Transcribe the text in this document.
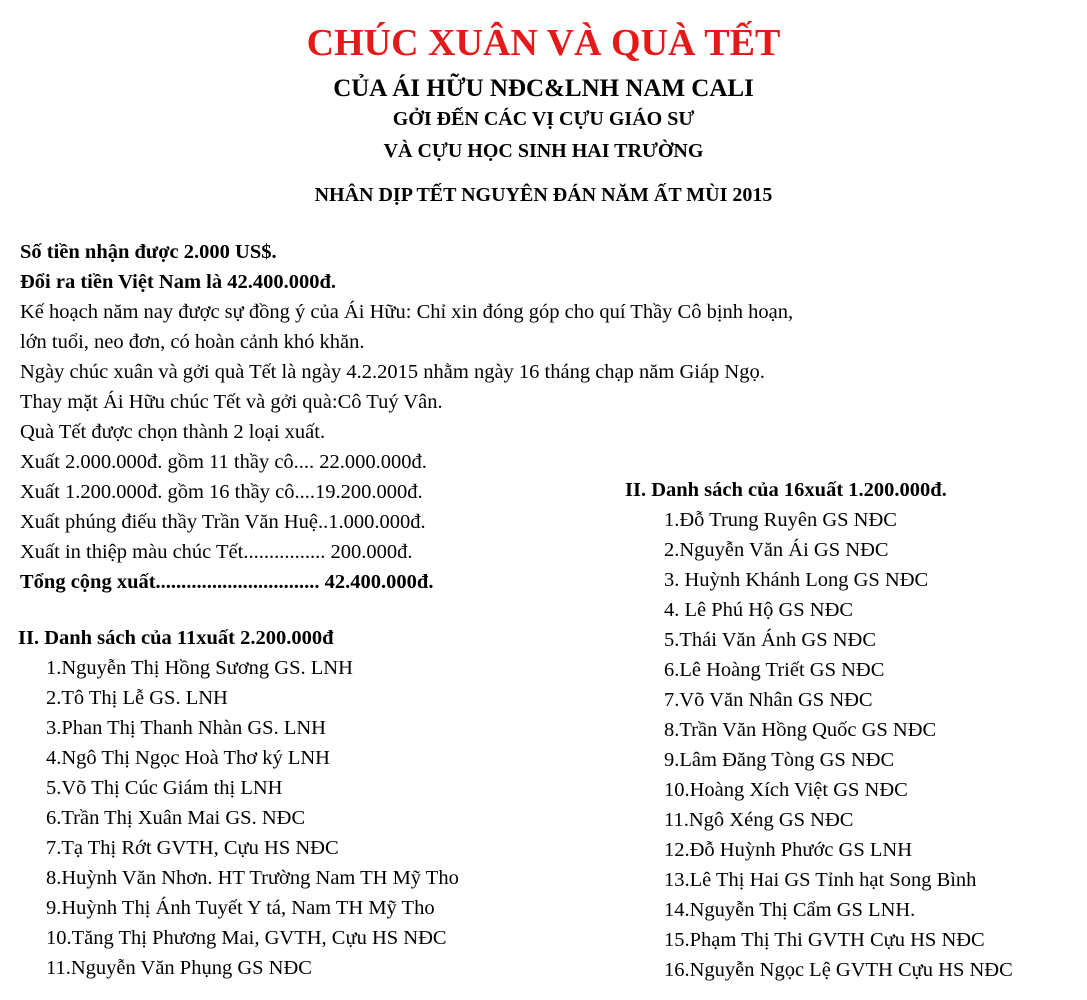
CHÚC XUÂN VÀ QUÀ TẾT
CỦA ÁI HỮU NĐC&LNH NAM CALI
GỞI ĐẾN CÁC VỊ CỰU GIÁO SƯ
VÀ CỰU HỌC SINH HAI TRƯỜNG
NHÂN DỊP TẾT NGUYÊN ĐÁN NĂM ẤT MÙI 2015
Số tiền nhận được 2.000 US$.
Đổi ra tiền Việt Nam là 42.400.000đ.
Kế hoạch năm nay được sự đồng ý của Ái Hữu: Chỉ xin đóng góp cho quí Thầy Cô bịnh hoạn,
lớn tuổi, neo đơn, có hoàn cảnh khó khăn.
Ngày chúc xuân và gởi quà Tết là ngày 4.2.2015 nhằm ngày 16 tháng chạp năm Giáp Ngọ.
Thay mặt Ái Hữu chúc Tết và gởi quà:Cô Tuý Vân.
Quà Tết được chọn thành 2 loại xuất.
Xuất 2.000.000đ. gồm 11 thầy cô.... 22.000.000đ.
Xuất 1.200.000đ. gồm 16 thầy cô....19.200.000đ.
Xuất phúng điếu thầy Trần Văn Huệ..1.000.000đ.
Xuất in thiệp màu chúc Tết................ 200.000đ.
Tổng cộng xuất................................ 42.400.000đ.
II. Danh sách của 11xuất 2.200.000đ
1.Nguyễn Thị Hồng Sương GS. LNH
2.Tô Thị Lễ GS. LNH
3.Phan Thị Thanh Nhàn GS. LNH
4.Ngô Thị Ngọc Hoà Thơ ký LNH
5.Võ Thị Cúc Giám thị LNH
6.Trần Thị Xuân Mai GS. NĐC
7.Tạ Thị Rớt GVTH, Cựu HS NĐC
8.Huỳnh Văn Nhơn. HT Trường Nam TH Mỹ Tho
9.Huỳnh Thị Ánh Tuyết Y tá, Nam TH Mỹ Tho
10.Tăng Thị Phương Mai, GVTH, Cựu HS NĐC
11.Nguyễn Văn Phụng GS NĐC
II. Danh sách của 16xuất 1.200.000đ.
1.Đỗ Trung Ruyên GS NĐC
2.Nguyễn Văn Ái GS NĐC
3. Huỳnh Khánh Long GS NĐC
4. Lê Phú Hộ GS NĐC
5.Thái Văn Ánh GS NĐC
6.Lê Hoàng Triết GS NĐC
7.Võ Văn Nhân GS NĐC
8.Trần Văn Hồng Quốc GS NĐC
9.Lâm Đăng Tòng GS NĐC
10.Hoàng Xích Việt GS NĐC
11.Ngô Xéng GS NĐC
12.Đỗ Huỳnh Phước GS LNH
13.Lê Thị Hai GS Tỉnh hạt Song Bình
14.Nguyễn Thị Cẩm GS LNH.
15.Phạm Thị Thi GVTH Cựu HS NĐC
16.Nguyễn Ngọc Lệ GVTH Cựu HS NĐC
